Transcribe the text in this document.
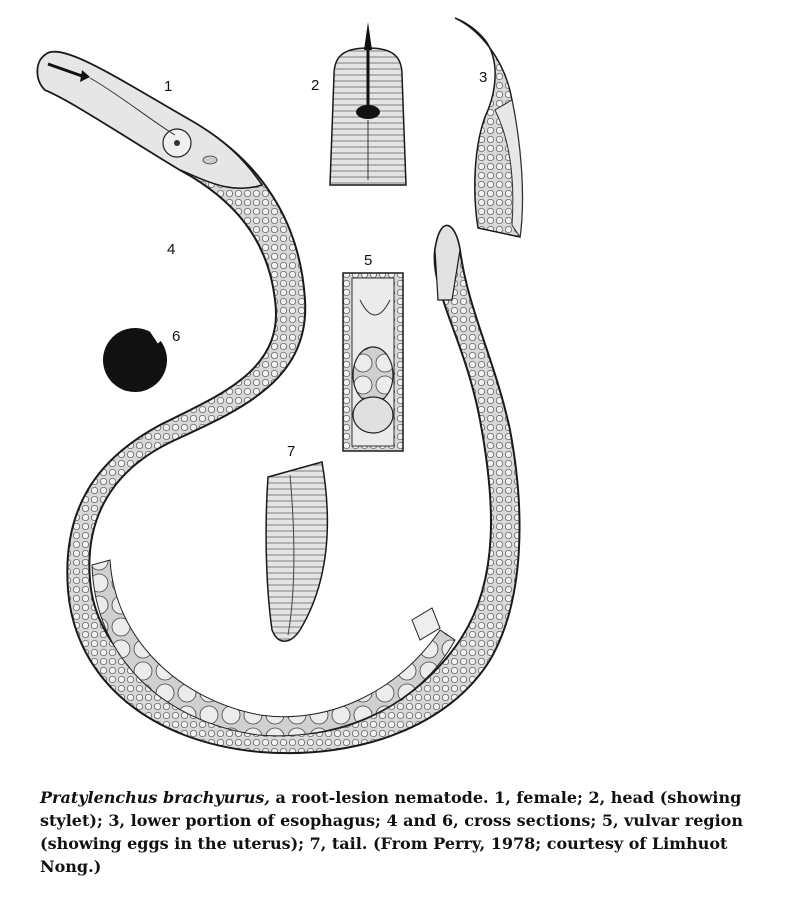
1	2	3
4
5
6
7
Pratylenchus brachyurus, a root-lesion nematode. 1, female; 2, head (showing stylet); 3, lower portion of esophagus; 4 and 6, cross sections; 5, vulvar region (showing eggs in the uterus); 7, tail. (From Perry, 1978; courtesy of Limhuot Nong.)
